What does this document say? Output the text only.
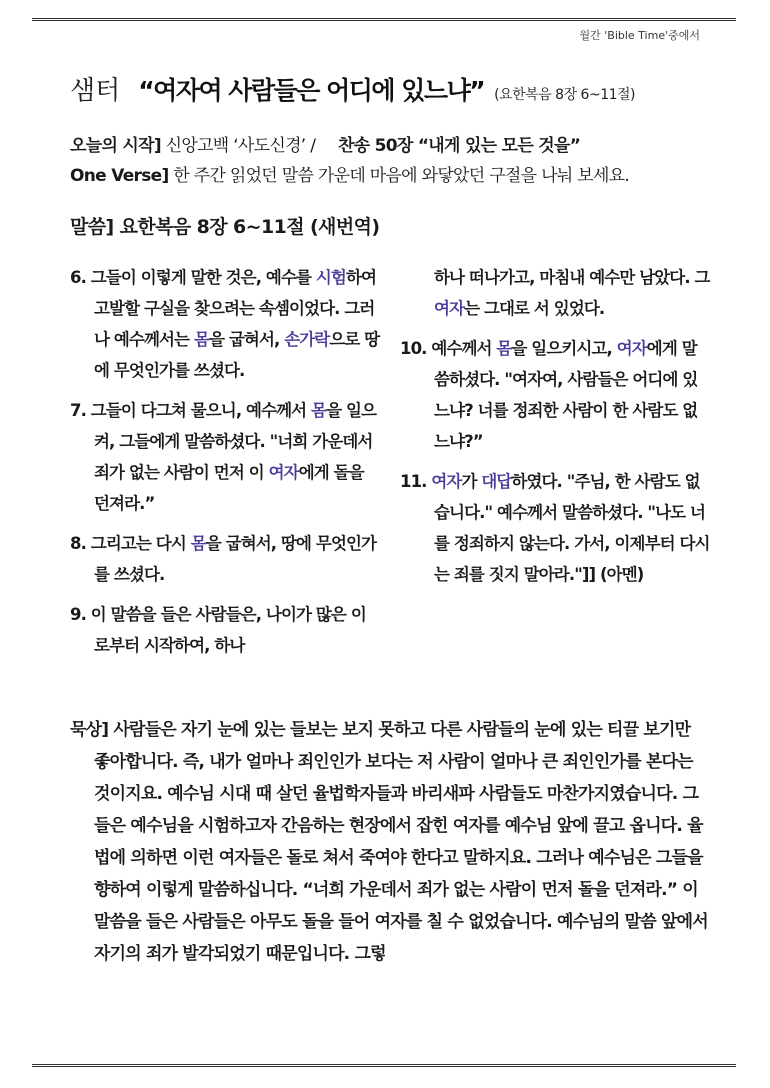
월간 'Bible Time'중에서
샘터 “여자여 사람들은 어디에 있느냐” (요한복음 8장 6~11절)
오늘의 시작] 신앙고백 ‘사도신경’ / 찬송 50장 “내게 있는 모든 것을”
One Verse] 한 주간 읽었던 말씀 가운데 마음에 와닿았던 구절을 나눠 보세요.
말씀] 요한복음 8장 6~11절 (새번역)

6. 그들이 이렇게 말한 것은, 예수를 시험하여 고발할 구실을 찾으려는 속셈이었다. 그러나 예수께서는 몸을 굽혀서, 손가락으로 땅에 무엇인가를 쓰셨다.

7. 그들이 다그쳐 물으니, 예수께서 몸을 일으켜, 그들에게 말씀하셨다. "너희 가운데서 죄가 없는 사람이 먼저 이 여자에게 돌을 던져라.”

8. 그리고는 다시 몸을 굽혀서, 땅에 무엇인가를 쓰셨다.

9. 이 말씀을 들은 사람들은, 나이가 많은 이로부터 시작하여, 하나

하나 떠나가고, 마침내 예수만 남았다. 그 여자는 그대로 서 있었다.

10. 예수께서 몸을 일으키시고, 여자에게 말씀하셨다. "여자여, 사람들은 어디에 있느냐? 너를 정죄한 사람이 한 사람도 없느냐?”

11. 여자가 대답하였다. "주님, 한 사람도 없습니다." 예수께서 말씀하셨다. "나도 너를 정죄하지 않는다. 가서, 이제부터 다시는 죄를 짓지 말아라."]] (아멘)

묵상] 사람들은 자기 눈에 있는 들보는 보지 못하고 다른 사람들의 눈에 있는 티끌 보기만 좋아합니다. 즉, 내가 얼마나 죄인인가 보다는 저 사람이 얼마나 큰 죄인인가를 본다는 것이지요. 예수님 시대 때 살던 율법학자들과 바리새파 사람들도 마찬가지였습니다. 그들은 예수님을 시험하고자 간음하는 현장에서 잡힌 여자를 예수님 앞에 끌고 옵니다. 율법에 의하면 이런 여자들은 돌로 쳐서 죽여야 한다고 말하지요. 그러나 예수님은 그들을 향하여 이렇게 말씀하십니다. “너희 가운데서 죄가 없는 사람이 먼저 돌을 던져라.” 이 말씀을 들은 사람들은 아무도 돌을 들어 여자를 칠 수 없었습니다. 예수님의 말씀 앞에서 자기의 죄가 발각되었기 때문입니다. 그렇
